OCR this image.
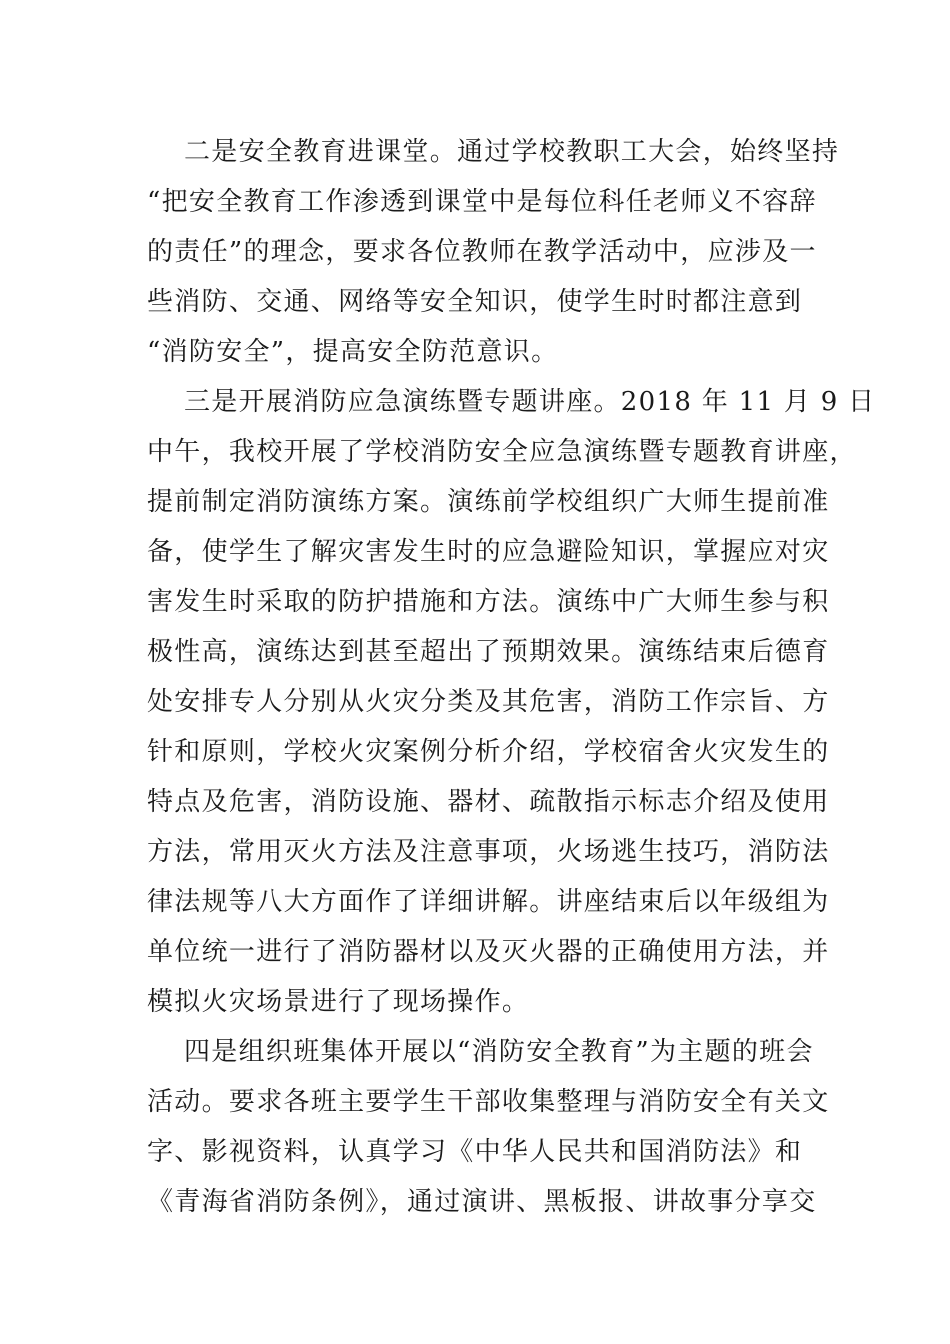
二是安全教育进课堂。通过学校教职工大会，始终坚持
“把安全教育工作渗透到课堂中是每位科任老师义不容辞
的责任”的理念，要求各位教师在教学活动中，应涉及一
些消防、交通、网络等安全知识，使学生时时都注意到
“消防安全”，提高安全防范意识。
三是开展消防应急演练暨专题讲座。2018 年 11 月 9 日
中午，我校开展了学校消防安全应急演练暨专题教育讲座，
提前制定消防演练方案。演练前学校组织广大师生提前准
备，使学生了解灾害发生时的应急避险知识，掌握应对灾
害发生时采取的防护措施和方法。演练中广大师生参与积
极性高，演练达到甚至超出了预期效果。演练结束后德育
处安排专人分别从火灾分类及其危害，消防工作宗旨、方
针和原则，学校火灾案例分析介绍，学校宿舍火灾发生的
特点及危害，消防设施、器材、疏散指示标志介绍及使用
方法，常用灭火方法及注意事项，火场逃生技巧，消防法
律法规等八大方面作了详细讲解。讲座结束后以年级组为
单位统一进行了消防器材以及灭火器的正确使用方法，并
模拟火灾场景进行了现场操作。
四是组织班集体开展以“消防安全教育”为主题的班会
活动。要求各班主要学生干部收集整理与消防安全有关文
字、影视资料，认真学习《中华人民共和国消防法》和
《青海省消防条例》，通过演讲、黑板报、讲故事分享交
